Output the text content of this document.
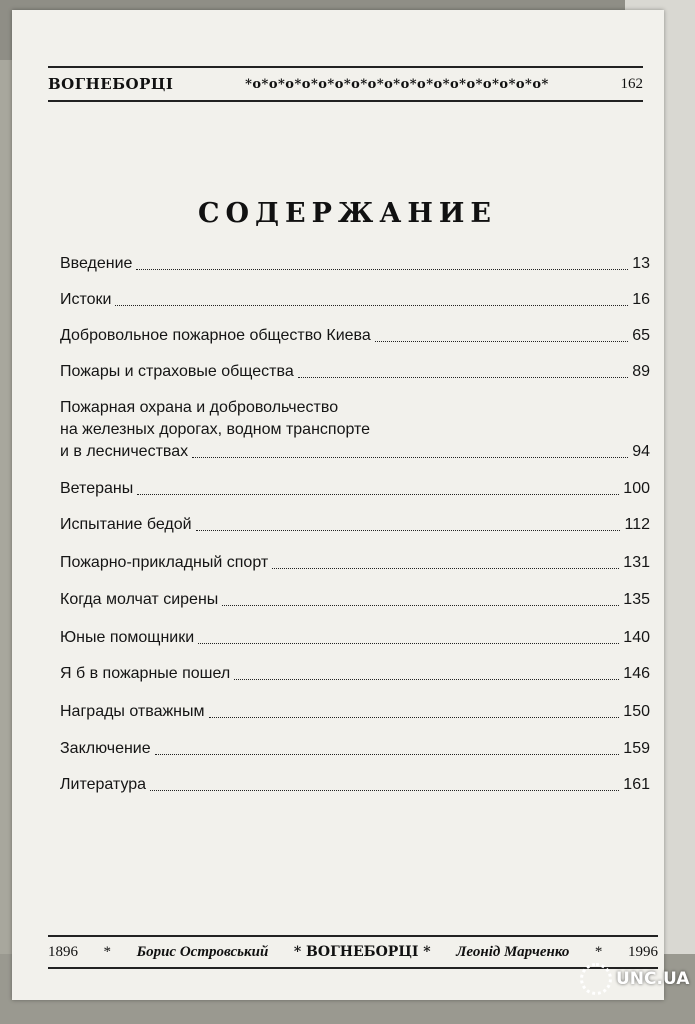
ВОГНЕБОРЦІ	*о*о*о*о*о*о*о*о*о*о*о*о*о*о*о*о*о*о*	162
СОДЕРЖАНИЕ
Введение	13
Истоки	16
Добровольное пожарное общество Киева	65
Пожары и страховые общества	89
Пожарная охрана и добровольчество
на железных дорогах, водном транспорте
и в лесничествах	94
Ветераны	100
Испытание бедой	112
Пожарно-прикладный спорт	131
Когда молчат сирены	135
Юные помощники	140
Я б в пожарные пошел	146
Награды отважным	150
Заключение	159
Литература	161
1896 * Борис Островський * ВОГНЕБОРЦІ * Леонід Марченко * 1996
UNC.UA
